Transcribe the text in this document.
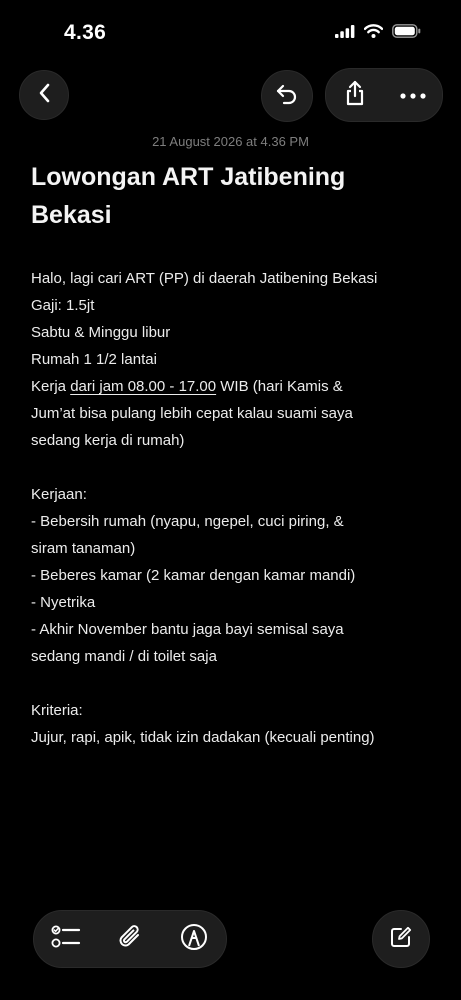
4.36
21 August 2026 at 4.36 PM
Lowongan ART Jatibening Bekasi
Halo, lagi cari ART (PP) di daerah Jatibening Bekasi
Gaji: 1.5jt
Sabtu & Minggu libur
Rumah 1 1/2 lantai
Kerja dari jam 08.00 - 17.00 WIB (hari Kamis &
Jum’at bisa pulang lebih cepat kalau suami saya
sedang kerja di rumah)
Kerjaan:
- Bebersih rumah (nyapu, ngepel, cuci piring, &
siram tanaman)
- Beberes kamar (2 kamar dengan kamar mandi)
- Nyetrika
- Akhir November bantu jaga bayi semisal saya
sedang mandi / di toilet saja
Kriteria:
Jujur, rapi, apik, tidak izin dadakan (kecuali penting)
